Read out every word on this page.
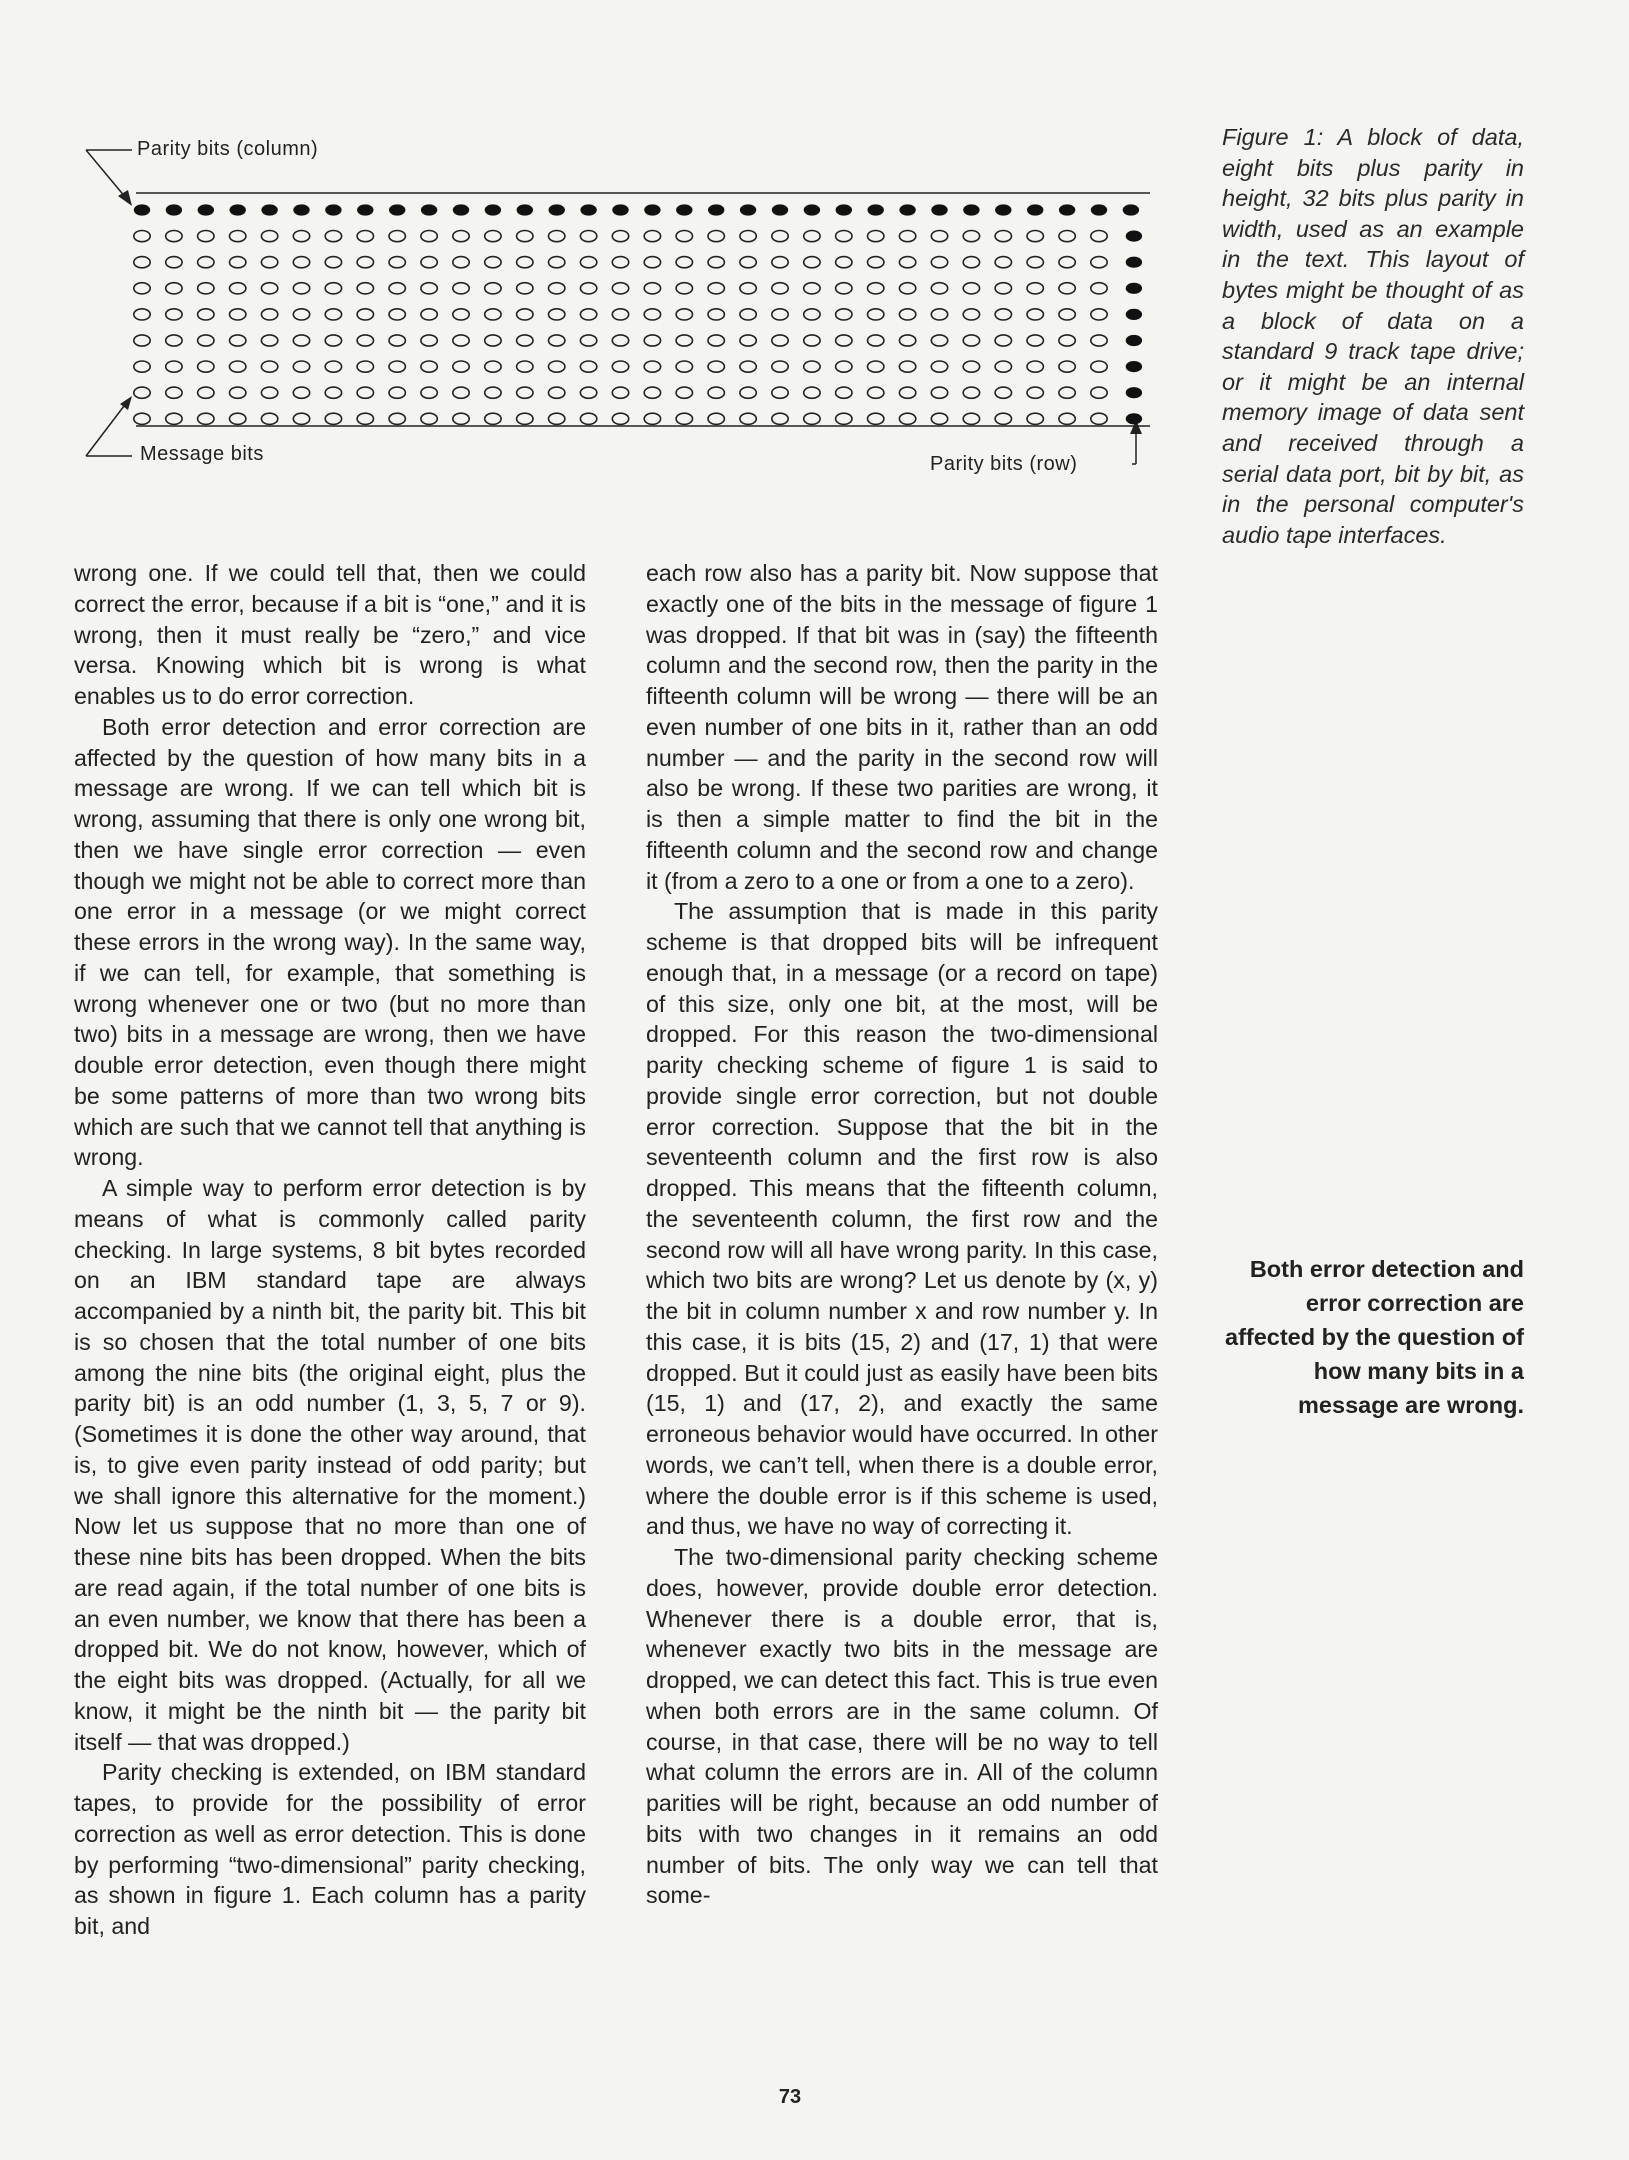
Parity bits (column)
Message bits	Parity bits (row)
Figure 1: A block of data, eight bits plus parity in height, 32 bits plus parity in width, used as an example in the text. This layout of bytes might be thought of as a block of data on a standard 9 track tape drive; or it might be an internal memory image of data sent and received through a serial data port, bit by bit, as in the personal computer's audio tape interfaces.

wrong one. If we could tell that, then we could correct the error, because if a bit is “one,” and it is wrong, then it must really be “zero,” and vice versa. Knowing which bit is wrong is what enables us to do error correction.

Both error detection and error correction are affected by the question of how many bits in a message are wrong. If we can tell which bit is wrong, assuming that there is only one wrong bit, then we have single error correction — even though we might not be able to correct more than one error in a message (or we might correct these errors in the wrong way). In the same way, if we can tell, for example, that something is wrong whenever one or two (but no more than two) bits in a message are wrong, then we have double error detection, even though there might be some patterns of more than two wrong bits which are such that we cannot tell that anything is wrong.

A simple way to perform error detection is by means of what is commonly called parity checking. In large systems, 8 bit bytes recorded on an IBM standard tape are always accompanied by a ninth bit, the parity bit. This bit is so chosen that the total number of one bits among the nine bits (the original eight, plus the parity bit) is an odd number (1, 3, 5, 7 or 9). (Sometimes it is done the other way around, that is, to give even parity instead of odd parity; but we shall ignore this alternative for the moment.) Now let us suppose that no more than one of these nine bits has been dropped. When the bits are read again, if the total number of one bits is an even number, we know that there has been a dropped bit. We do not know, however, which of the eight bits was dropped. (Actually, for all we know, it might be the ninth bit — the parity bit itself — that was dropped.)

Parity checking is extended, on IBM standard tapes, to provide for the possibility of error correction as well as error detection. This is done by performing “two-dimensional” parity checking, as shown in figure 1. Each column has a parity bit, and

each row also has a parity bit. Now suppose that exactly one of the bits in the message of figure 1 was dropped. If that bit was in (say) the fifteenth column and the second row, then the parity in the fifteenth column will be wrong — there will be an even number of one bits in it, rather than an odd number — and the parity in the second row will also be wrong. If these two parities are wrong, it is then a simple matter to find the bit in the fifteenth column and the second row and change it (from a zero to a one or from a one to a zero).

The assumption that is made in this parity scheme is that dropped bits will be infrequent enough that, in a message (or a record on tape) of this size, only one bit, at the most, will be dropped. For this reason the two-dimensional parity checking scheme of figure 1 is said to provide single error correction, but not double error correction. Suppose that the bit in the seventeenth column and the first row is also dropped. This means that the fifteenth column, the seventeenth column, the first row and the second row will all have wrong parity. In this case, which two bits are wrong? Let us denote by (x, y) the bit in column number x and row number y. In this case, it is bits (15, 2) and (17, 1) that were dropped. But it could just as easily have been bits (15, 1) and (17, 2), and exactly the same erroneous behavior would have occurred. In other words, we can’t tell, when there is a double error, where the double error is if this scheme is used, and thus, we have no way of correcting it.

The two-dimensional parity checking scheme does, however, provide double error detection. Whenever there is a double error, that is, whenever exactly two bits in the message are dropped, we can detect this fact. This is true even when both errors are in the same column. Of course, in that case, there will be no way to tell what column the errors are in. All of the column parities will be right, because an odd number of bits with two changes in it remains an odd number of bits. The only way we can tell that some-

Both error detection and error correction are affected by the question of how many bits in a message are wrong.
73
